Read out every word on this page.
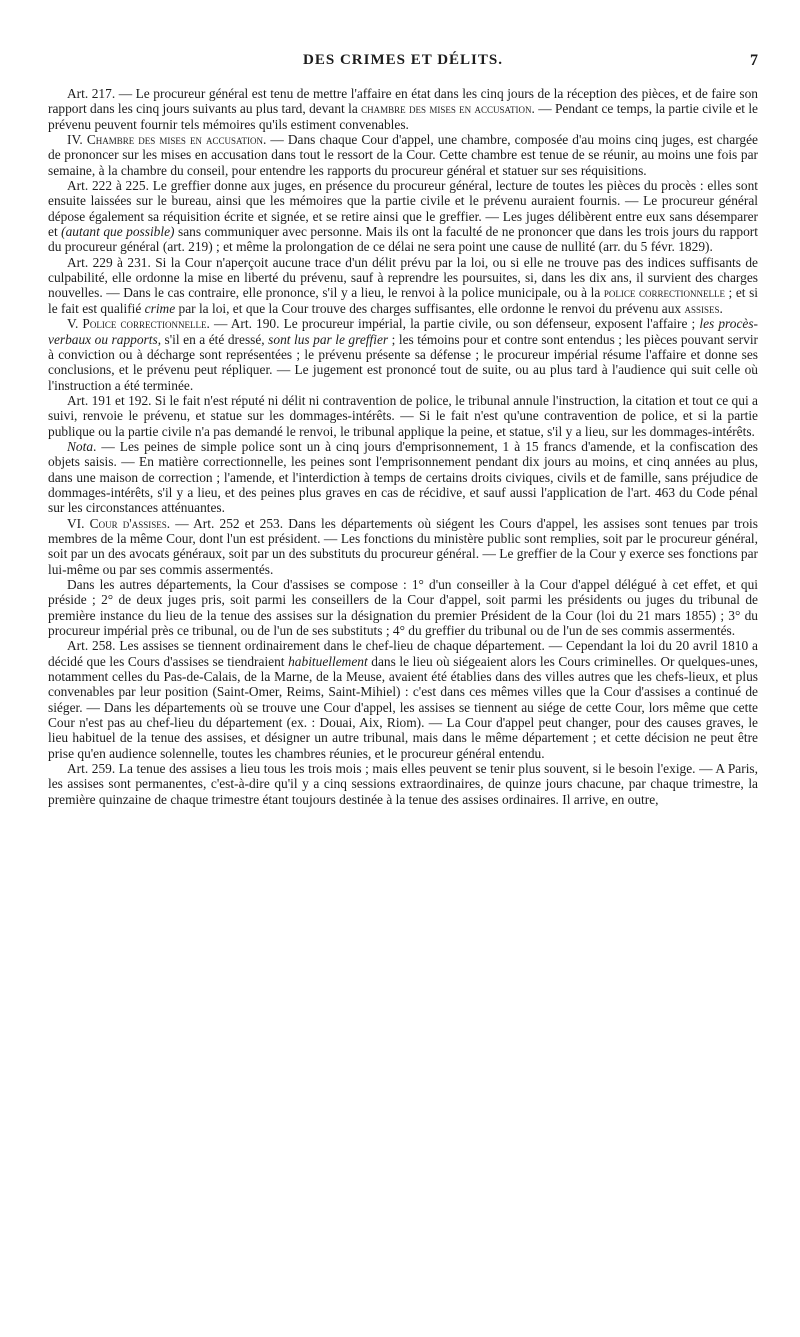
DES CRIMES ET DÉLITS.	7

Art. 217. — Le procureur général est tenu de mettre l'affaire en état dans les cinq jours de la réception des pièces, et de faire son rapport dans les cinq jours suivants au plus tard, devant la chambre des mises en accusation. — Pendant ce temps, la partie civile et le prévenu peuvent fournir tels mémoires qu'ils estiment convenables.

IV. Chambre des mises en accusation. — Dans chaque Cour d'appel, une chambre, composée d'au moins cinq juges, est chargée de prononcer sur les mises en accusation dans tout le ressort de la Cour. Cette chambre est tenue de se réunir, au moins une fois par semaine, à la chambre du conseil, pour entendre les rapports du procureur général et statuer sur ses réquisitions.

Art. 222 à 225. Le greffier donne aux juges, en présence du procureur général, lecture de toutes les pièces du procès : elles sont ensuite laissées sur le bureau, ainsi que les mémoires que la partie civile et le prévenu auraient fournis. — Le procureur général dépose également sa réquisition écrite et signée, et se retire ainsi que le greffier. — Les juges délibèrent entre eux sans désemparer et (autant que possible) sans communiquer avec personne. Mais ils ont la faculté de ne prononcer que dans les trois jours du rapport du procureur général (art. 219) ; et même la prolongation de ce délai ne sera point une cause de nullité (arr. du 5 févr. 1829).

Art. 229 à 231. Si la Cour n'aperçoit aucune trace d'un délit prévu par la loi, ou si elle ne trouve pas des indices suffisants de culpabilité, elle ordonne la mise en liberté du prévenu, sauf à reprendre les poursuites, si, dans les dix ans, il survient des charges nouvelles. — Dans le cas contraire, elle prononce, s'il y a lieu, le renvoi à la police municipale, ou à la police correctionnelle ; et si le fait est qualifié crime par la loi, et que la Cour trouve des charges suffisantes, elle ordonne le renvoi du prévenu aux assises.

V. Police correctionnelle. — Art. 190. Le procureur impérial, la partie civile, ou son défenseur, exposent l'affaire ; les procès-verbaux ou rapports, s'il en a été dressé, sont lus par le greffier ; les témoins pour et contre sont entendus ; les pièces pouvant servir à conviction ou à décharge sont représentées ; le prévenu présente sa défense ; le procureur impérial résume l'affaire et donne ses conclusions, et le prévenu peut répliquer. — Le jugement est prononcé tout de suite, ou au plus tard à l'audience qui suit celle où l'instruction a été terminée.

Art. 191 et 192. Si le fait n'est réputé ni délit ni contravention de police, le tribunal annule l'instruction, la citation et tout ce qui a suivi, renvoie le prévenu, et statue sur les dommages-intérêts. — Si le fait n'est qu'une contravention de police, et si la partie publique ou la partie civile n'a pas demandé le renvoi, le tribunal applique la peine, et statue, s'il y a lieu, sur les dommages-intérêts.

Nota. — Les peines de simple police sont un à cinq jours d'emprisonnement, 1 à 15 francs d'amende, et la confiscation des objets saisis. — En matière correctionnelle, les peines sont l'emprisonnement pendant dix jours au moins, et cinq années au plus, dans une maison de correction ; l'amende, et l'interdiction à temps de certains droits civiques, civils et de famille, sans préjudice de dommages-intérêts, s'il y a lieu, et des peines plus graves en cas de récidive, et sauf aussi l'application de l'art. 463 du Code pénal sur les circonstances atténuantes.

VI. Cour d'assises. — Art. 252 et 253. Dans les départements où siégent les Cours d'appel, les assises sont tenues par trois membres de la même Cour, dont l'un est président. — Les fonctions du ministère public sont remplies, soit par le procureur général, soit par un des avocats généraux, soit par un des substituts du procureur général. — Le greffier de la Cour y exerce ses fonctions par lui-même ou par ses commis assermentés.

Dans les autres départements, la Cour d'assises se compose : 1° d'un conseiller à la Cour d'appel délégué à cet effet, et qui préside ; 2° de deux juges pris, soit parmi les conseillers de la Cour d'appel, soit parmi les présidents ou juges du tribunal de première instance du lieu de la tenue des assises sur la désignation du premier Président de la Cour (loi du 21 mars 1855) ; 3° du procureur impérial près ce tribunal, ou de l'un de ses substituts ; 4° du greffier du tribunal ou de l'un de ses commis assermentés.

Art. 258. Les assises se tiennent ordinairement dans le chef-lieu de chaque département. — Cependant la loi du 20 avril 1810 a décidé que les Cours d'assises se tiendraient habituellement dans le lieu où siégeaient alors les Cours criminelles. Or quelques-unes, notamment celles du Pas-de-Calais, de la Marne, de la Meuse, avaient été établies dans des villes autres que les chefs-lieux, et plus convenables par leur position (Saint-Omer, Reims, Saint-Mihiel) : c'est dans ces mêmes villes que la Cour d'assises a continué de siéger. — Dans les départements où se trouve une Cour d'appel, les assises se tiennent au siége de cette Cour, lors même que cette Cour n'est pas au chef-lieu du département (ex. : Douai, Aix, Riom). — La Cour d'appel peut changer, pour des causes graves, le lieu habituel de la tenue des assises, et désigner un autre tribunal, mais dans le même département ; et cette décision ne peut être prise qu'en audience solennelle, toutes les chambres réunies, et le procureur général entendu.

Art. 259. La tenue des assises a lieu tous les trois mois ; mais elles peuvent se tenir plus souvent, si le besoin l'exige. — A Paris, les assises sont permanentes, c'est-à-dire qu'il y a cinq sessions extraordinaires, de quinze jours chacune, par chaque trimestre, la première quinzaine de chaque trimestre étant toujours destinée à la tenue des assises ordinaires. Il arrive, en outre,
